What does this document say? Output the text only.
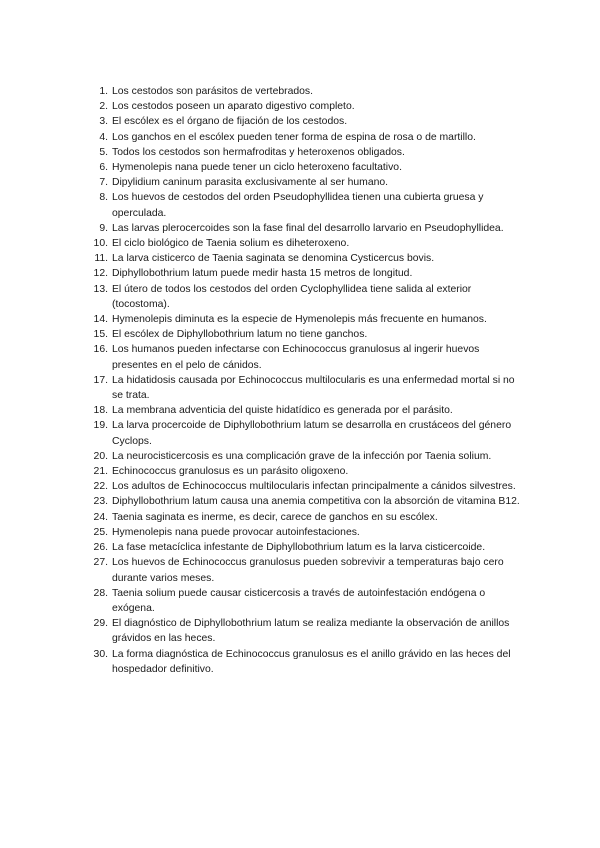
1. Los cestodos son parásitos de vertebrados.
2. Los cestodos poseen un aparato digestivo completo.
3. El escólex es el órgano de fijación de los cestodos.
4. Los ganchos en el escólex pueden tener forma de espina de rosa o de martillo.
5. Todos los cestodos son hermafroditas y heteroxenos obligados.
6. Hymenolepis nana puede tener un ciclo heteroxeno facultativo.
7. Dipylidium caninum parasita exclusivamente al ser humano.
8. Los huevos de cestodos del orden Pseudophyllidea tienen una cubierta gruesa y operculada.
9. Las larvas plerocercoides son la fase final del desarrollo larvario en Pseudophyllidea.
10. El ciclo biológico de Taenia solium es diheteroxeno.
11. La larva cisticerco de Taenia saginata se denomina Cysticercus bovis.
12. Diphyllobothrium latum puede medir hasta 15 metros de longitud.
13. El útero de todos los cestodos del orden Cyclophyllidea tiene salida al exterior (tocostoma).
14. Hymenolepis diminuta es la especie de Hymenolepis más frecuente en humanos.
15. El escólex de Diphyllobothrium latum no tiene ganchos.
16. Los humanos pueden infectarse con Echinococcus granulosus al ingerir huevos presentes en el pelo de cánidos.
17. La hidatidosis causada por Echinococcus multilocularis es una enfermedad mortal si no se trata.
18. La membrana adventicia del quiste hidatídico es generada por el parásito.
19. La larva procercoide de Diphyllobothrium latum se desarrolla en crustáceos del género Cyclops.
20. La neurocisticercosis es una complicación grave de la infección por Taenia solium.
21. Echinococcus granulosus es un parásito oligoxeno.
22. Los adultos de Echinococcus multilocularis infectan principalmente a cánidos silvestres.
23. Diphyllobothrium latum causa una anemia competitiva con la absorción de vitamina B12.
24. Taenia saginata es inerme, es decir, carece de ganchos en su escólex.
25. Hymenolepis nana puede provocar autoinfestaciones.
26. La fase metacíclica infestante de Diphyllobothrium latum es la larva cisticercoide.
27. Los huevos de Echinococcus granulosus pueden sobrevivir a temperaturas bajo cero durante varios meses.
28. Taenia solium puede causar cisticercosis a través de autoinfestación endógena o exógena.
29. El diagnóstico de Diphyllobothrium latum se realiza mediante la observación de anillos grávidos en las heces.
30. La forma diagnóstica de Echinococcus granulosus es el anillo grávido en las heces del hospedador definitivo.
